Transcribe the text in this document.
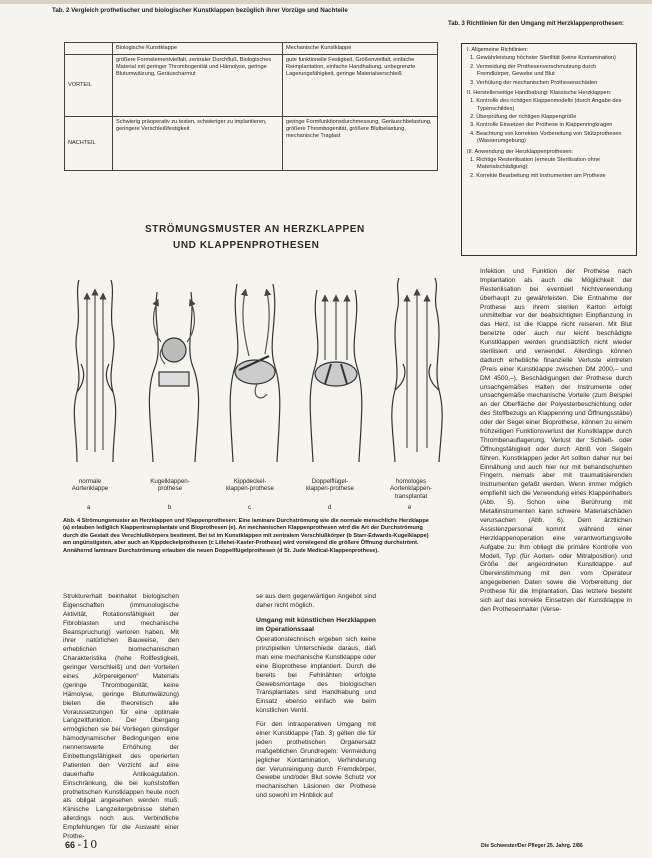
Tab. 2 Vergleich prothetischer und biologischer Kunstklappen bezüglich ihrer Vorzüge und Nachteile
	Biologische Kunstklappe	Mechanische Kunstklappe
VORTEIL	größere Formelementvielfalt, zentraler Durchfluß, Biologisches Material mit geringer Thrombogenität und Hämolyse, geringe Blutumwälzung, Geräuscharmut	gute funktionelle Festigkeit, Größenvielfalt, einfache Reimplantation, einfache Handhabung, unbegrenzte Lagerungsfähigkeit, geringe Materialverschleiß
NACHTEIL	Schwierig präoperativ zu testen, schwieriger zu implantieren, geringere Verschleißfestigkeit	geringe Formfunktionsdurchmessung, Geräuschbelastung, größere Thrombogenität, größere Blutbelastung, mechanische Traglast
Tab. 3 Richtlinien für den Umgang mit Herzklappenprothesen:
I. Allgemeine Richtlinien:
1. Gewährleistung höchster Sterilität (keine Kontamination)
2. Vermeidung der Prothesenverschmutzung durch Fremdkörper, Gewebe und Blut
3. Verhütung der mechanischen Prothesenschäden
II. Herstellerseitige Handhabung: Klassische Herzklappen:
1. Kontrolle des richtigen Klappenmodells (durch Angabe des Typenschildes)
2. Überprüfung der richtigen Klappengröße
3. Kontrolle Einsetzen der Prothese in Klappenringkragen
4. Beachtung von korrekten Vorbereitung von Stützprothesen (Wasserumgebung)
III. Anwendung der Herzklappenprothesen:
1. Richtige Resterilisation (erneute Sterilisation ohne Materialschädigung)
2. Korrekte Bearbeitung mit Instrumenten am Prothese
STRÖMUNGSMUSTER AN HERZKLAPPEN
UND KLAPPENPROTHESEN
normale
Aortenklappe
Kugelklappen-
prothese
Kippdeckel-
klappen-prothese
Doppelflügel-
klappen-prothese
homologes
Aortenklappen-transplantat
a	b	c	d	e
Abb. 4 Strömungsmuster an Herzklappen und Klappenprothesen: Eine laminare Durchströmung wie die normale menschliche Herzklappe (a) erlauben lediglich Klappentransplantate und Bioprothesen (e). An mechanischen Klappenprothesen wird die Art der Durchströmung durch die Gestalt des Verschlußkörpers bestimmt. Bei ist im Kunstklappen mit zentralem Verschlußkörper (b Starr-Edwards-Kugelklappe) am ungünstigsten, aber auch an Kippdeckelprothesen (c Lillehei-Kaster-Prothese) wird vorwiegend die größere Öffnung durchströmt. Annähernd laminare Durchströmung erlauben die neuen Doppelflügelprothesen (d St. Jude Medical-Klappenprothese).

Strukturerhalt beinhaltet biologischen Eigenschaften (immunologische Aktivität, Rotationsfähigkeit der Fibroblasten und mechanische Beanspruchung) verloren haben. Mit ihrer natürlichen Bauweise, den erheblichen biomechanischen Charakteristika (hohe Rollfestigkeit, geringer Verschleiß) und den Vorteilen eines „körpereigenen“ Materials (geringe Thrombogenität, keine Hämolyse, geringe Blutumwälzung) bieten die theoretisch alle Voraussetzungen für eine optimale Langzeitfunktion. Der Übergang ermöglichen sie bei Vorliegen günstiger hämodynamischer Bedingungen eine nennenswerte Erhöhung der Einbettungsfähigkeit des operierten Patienten den Verzicht auf eine dauerhafte Antikoagulation. Einschränkung, die bei kunststoffen prothetischen Kunstklappen heute noch als obligat angesehen werden muß. Klinische Langzeitergebnisse stehen allerdings noch aus. Verbindliche Empfehlungen für die Auswahl einer Prothe-

se aus dem gegenwärtigen Angebot sind daher nicht möglich.

Umgang mit künstlichen Herzklappen im Operationssaal

Operationstechnisch ergeben sich keine prinzipiellen Unterschiede daraus, daß man eine mechanische Kunstklappe oder eine Bioprothese implantiert. Durch die bereits bei Fehlnähten erfolgte Gewebsmontage des biologischen Transplantates sind Handhabung und Einsatz ebenso einfach wie beim künstlichen Ventil.

Für den intraoperativen Umgang mit einer Kunstklappe (Tab. 3) gelten die für jeden prothetischen Organersatz maßgeblichen Grundregeln: Vermeidung jeglicher Kontamination, Verhinderung der Verunreinigung durch Fremdkörper, Gewebe und/oder Blut sowie Schutz vor mechanischen Läsionen der Prothese und sowohl im Hinblick auf

Infektion und Funktion der Prothese nach Implantation als auch die Möglichkeit der Resterilisation bei eventuell Nichtverwendung überhaupt zu gewährleisten. Die Entnahme der Prothese aus ihrem sterilen Karton erfolgt unmittelbar vor der beabsichtigten Einpflanzung in das Herz, ist die Klappe nicht reiseren. Mit Blut benetzte oder auch nur leicht beschädigte Kunstklappen werden grundsätzlich nicht wieder sterilisiert und verwendet. Allerdings können dadurch erhebliche finanzielle Verluste eintreten (Preis einer Kunstklappe zwischen DM 2000,– und DM 4500,–). Beschädigungen der Prothese durch unsachgemäßes Halten der Instrumente oder unsachgemäße mechanische Vorteile (zum Beispiel an der Oberfläche der Polyesterbeschichtung oder des Stoffbezugs an Klappenring und Öffnungsstäbe) oder der Segel einer Bioprothese, können zu einem frühzeitigen Funktionsverlust der Kunstklappe durch Thrombenauflagerung, Verlust der Schließ- oder Öffnungsfähigkeit oder durch Abriß von Segeln führen. Kunstklappen jeder Art sollten daher nur bei Einnähung und auch hier nur mit behandschuhten Fingern, niemals aber mit traumatisierenden Instrumenten gefaßt werden. Wenn immer möglich empfiehlt sich die Verwendung eines Klappenhalters (Abb. 5). Schon eine Berührung mit Metallinstrumenten kann schwere Materialschäden verursachen (Abb. 6). Dem ärztlichen Assistenzpersonal kommt während einer Herzklappenoperation eine verantwortungsvolle Aufgabe zu: Ihm obliegt die primäre Kontrolle von Modell, Typ (für Aorten- oder Mitralposition) und Größe der angeordneten Kunstklappe auf Übereinstimmung mit den vom Operateur angegebenen Daten sowie die Vorbereitung der Prothese für die Implantation. Das letztere besteht sich auf das korrekte Einsetzen der Kunstklappe in den Prothesenhalter (Verse-

66 -10	Die Schwester/Der Pfleger 25. Jahrg. 2/86
